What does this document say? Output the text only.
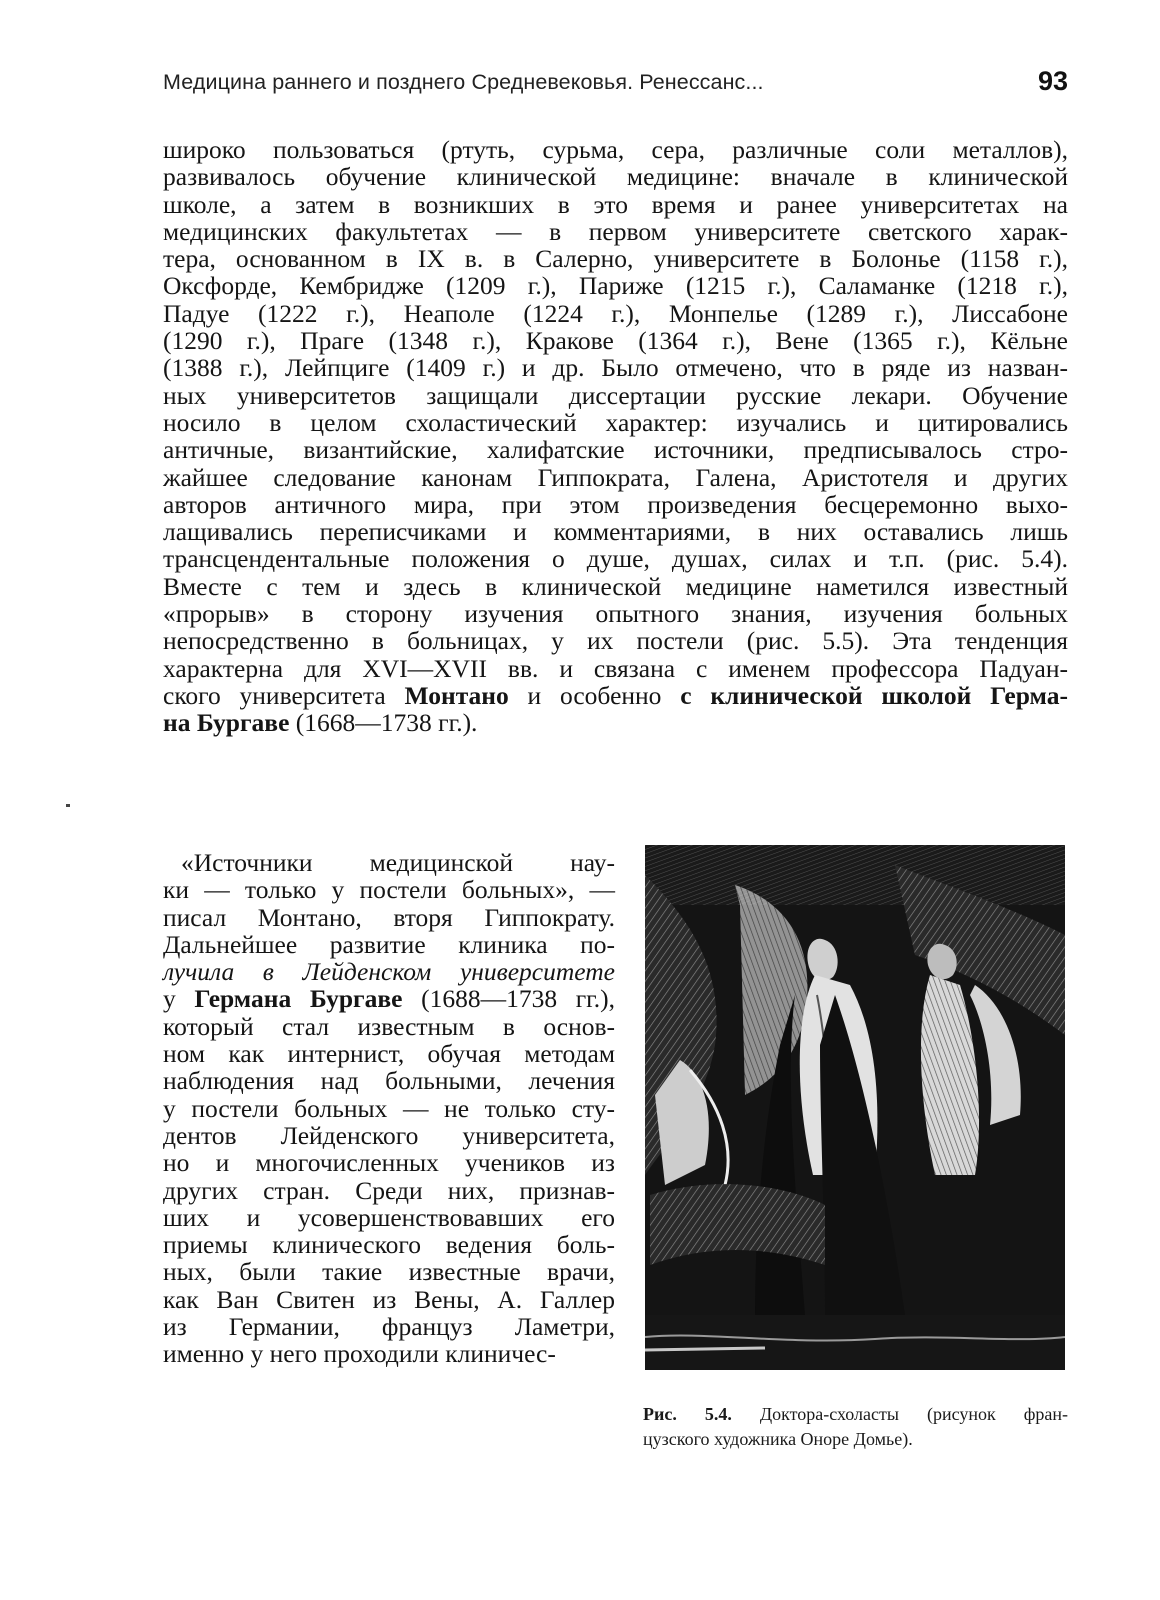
Медицина раннего и позднего Средневековья. Ренессанс...	93
широко пользоваться (ртуть, сурьма, сера, различные соли металлов),
развивалось обучение клинической медицине: вначале в клинической
школе, а затем в возникших в это время и ранее университетах на
медицинских факультетах — в первом университете светского харак-
тера, основанном в IX в. в Салерно, университете в Болонье (1158 г.),
Оксфорде, Кембридже (1209 г.), Париже (1215 г.), Саламанке (1218 г.),
Падуе (1222 г.), Неаполе (1224 г.), Монпелье (1289 г.), Лиссабоне
(1290 г.), Праге (1348 г.), Кракове (1364 г.), Вене (1365 г.), Кёльне
(1388 г.), Лейпциге (1409 г.) и др. Было отмечено, что в ряде из назван-
ных университетов защищали диссертации русские лекари. Обучение
носило в целом схоластический характер: изучались и цитировались
античные, византийские, халифатские источники, предписывалось стро-
жайшее следование канонам Гиппократа, Галена, Аристотеля и других
авторов античного мира, при этом произведения бесцеремонно выхо-
лащивались переписчиками и комментариями, в них оставались лишь
трансцендентальные положения о душе, душах, силах и т.п. (рис. 5.4).
Вместе с тем и здесь в клинической медицине наметился известный
«прорыв» в сторону изучения опытного знания, изучения больных
непосредственно в больницах, у их постели (рис. 5.5). Эта тенденция
характерна для XVI—XVII вв. и связана с именем профессора Падуан-
ского университета Монтано и особенно с клинической школой Герма-
на Бургаве (1668—1738 гг.).
«Источники медицинской нау-
ки — только у постели больных», —
писал Монтано, вторя Гиппократу.
Дальнейшее развитие клиника по-
лучила в Лейденском университете
у Германа Бургаве (1688—1738 гг.),
который стал известным в основ-
ном как интернист, обучая методам
наблюдения над больными, лечения
у постели больных — не только сту-
дентов Лейденского университета,
но и многочисленных учеников из
других стран. Среди них, признав-
ших и усовершенствовавших его
приемы клинического ведения боль-
ных, были такие известные врачи,
как Ван Свитен из Вены, А. Галлер
из Германии, француз Ламетри,
именно у него проходили клиничес-
Рис. 5.4. Доктора-схоласты (рисунок фран-
цузского художника Оноре Домье).
